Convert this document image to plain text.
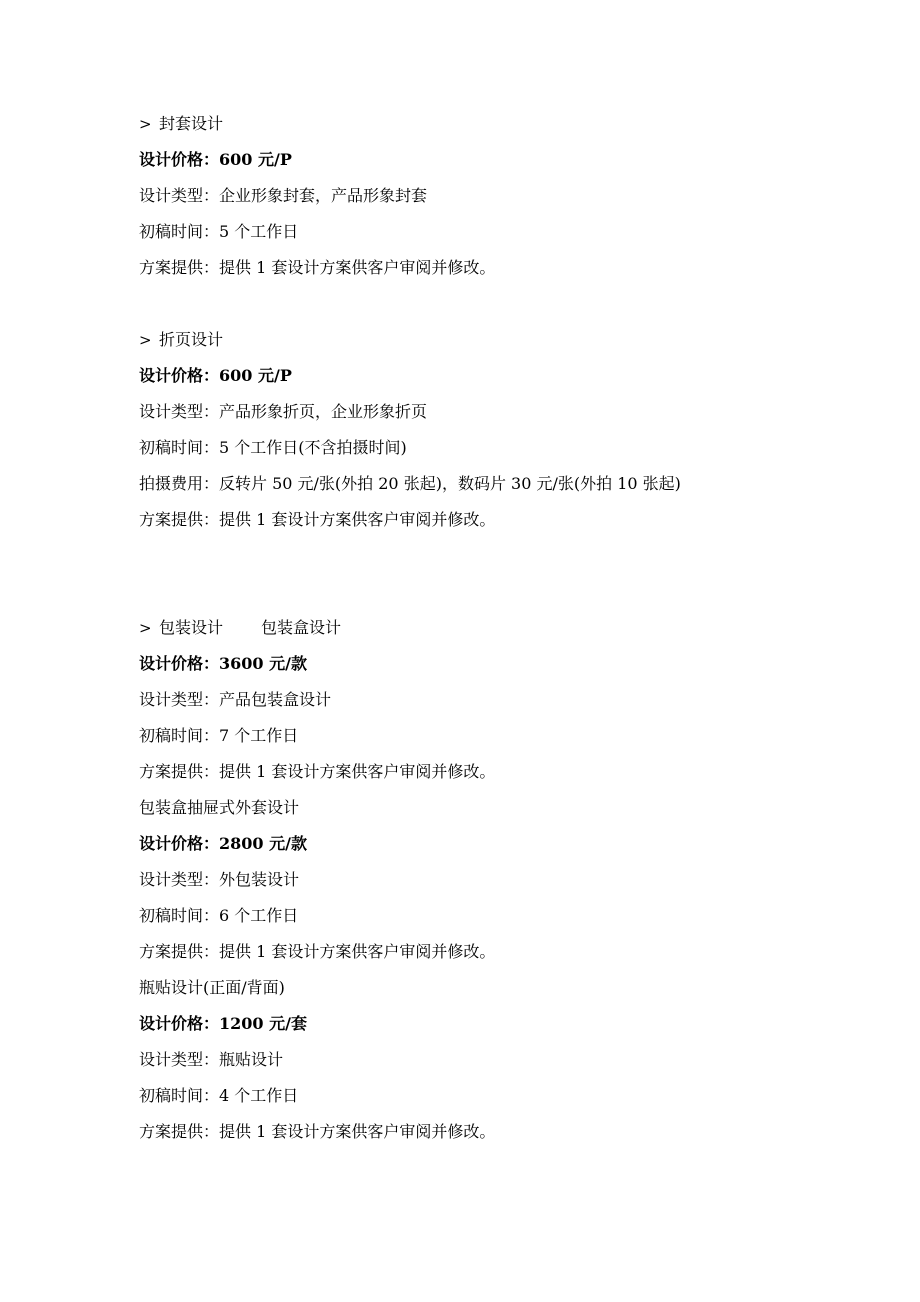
> 封套设计
设计价格：600 元/P
设计类型：企业形象封套，产品形象封套
初稿时间：5 个工作日
方案提供：提供 1 套设计方案供客户审阅并修改。
> 折页设计
设计价格：600 元/P
设计类型：产品形象折页，企业形象折页
初稿时间：5 个工作日(不含拍摄时间)
拍摄费用：反转片 50 元/张(外拍 20 张起)，数码片 30 元/张(外拍 10 张起)
方案提供：提供 1 套设计方案供客户审阅并修改。
> 包装设计 包装盒设计
设计价格：3600 元/款
设计类型：产品包装盒设计
初稿时间：7 个工作日
方案提供：提供 1 套设计方案供客户审阅并修改。
包装盒抽屉式外套设计
设计价格：2800 元/款
设计类型：外包装设计
初稿时间：6 个工作日
方案提供：提供 1 套设计方案供客户审阅并修改。
瓶贴设计(正面/背面)
设计价格：1200 元/套
设计类型：瓶贴设计
初稿时间：4 个工作日
方案提供：提供 1 套设计方案供客户审阅并修改。
